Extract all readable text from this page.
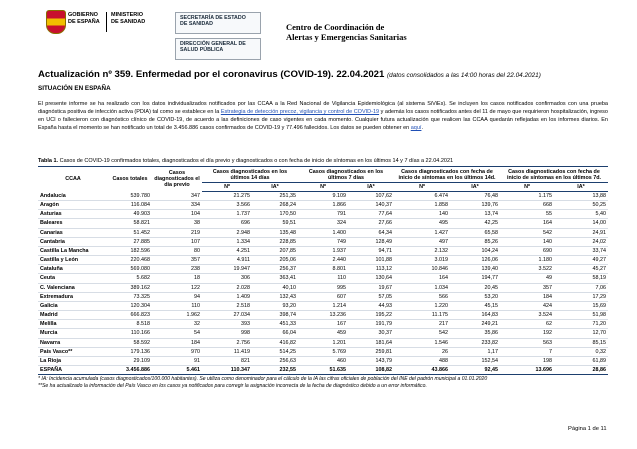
GOBIERNO
DE ESPAÑA
MINISTERIO
DE SANIDAD
SECRETARÍA DE ESTADO
DE SANIDAD
DIRECCIÓN GENERAL DE
SALUD PÚBLICA
Centro de Coordinación de
Alertas y Emergencias Sanitarias
Actualización nº 359. Enfermedad por el coronavirus (COVID-19). 22.04.2021 (datos consolidados a las 14:00 horas del 22.04.2021)
SITUACIÓN EN ESPAÑA
El presente informe se ha realizado con los datos individualizados notificados por las CCAA a la Red Nacional de Vigilancia Epidemiológica (al sistema SiViEs). Se incluyen los casos notificados confirmados con una prueba diagnóstica positiva de infección activa (PDIA) tal como se establece en la Estrategia de detección precoz, vigilancia y control de COVID-19 y además los casos notificados antes del 11 de mayo que requirieron hospitalización, ingreso en UCI o fallecieron con diagnóstico clínico de COVID-19, de acuerdo a las definiciones de caso vigentes en cada momento. Cualquier futura actualización que realicen las CCAA quedarán reflejadas en los informes diarios. En España hasta el momento se han notificado un total de 3.456.886 casos confirmados de COVID-19 y 77.496 fallecidos. Los datos se pueden obtener en aquí.
Tabla 1. Casos de COVID-19 confirmados totales, diagnosticados el día previo y diagnosticados o con fecha de inicio de síntomas en los últimos 14 y 7 días a 22.04.2021
CCAA	Casos totales	Casos diagnosticados el día previo	Casos diagnosticados en los últimos 14 días		Casos diagnosticados en los últimos 7 días		Casos diagnosticados con fecha de inicio de síntomas en los últimos 14d.		Casos diagnosticados con fecha de inicio de síntomas en los últimos 7d.	
			Nº	IA*	Nº	IA*	Nº	IA*	Nº	IA*
Andalucía	539.780	347	21.275	251,35	9.109	107,62	6.474	76,48	1.175	13,88
Aragón	116.084	334	3.566	268,24	1.866	140,37	1.858	139,76	668	50,25
Asturias	49.903	104	1.737	170,50	791	77,64	140	13,74	55	5,40
Baleares	58.821	38	696	59,51	324	27,66	495	42,25	164	14,00
Canarias	51.452	219	2.948	135,48	1.400	64,34	1.427	65,58	542	24,91
Cantabria	27.885	107	1.334	228,85	749	128,49	497	85,26	140	24,02
Castilla La Mancha	182.596	80	4.251	207,85	1.937	94,71	2.132	104,24	690	33,74
Castilla y León	220.468	357	4.911	205,06	2.440	101,88	3.019	126,06	1.180	49,27
Cataluña	569.080	238	19.947	256,37	8.801	113,12	10.846	139,40	3.522	45,27
Ceuta	5.682	18	306	363,41	110	130,64	164	194,77	49	58,19
C. Valenciana	389.162	122	2.028	40,10	995	19,67	1.034	20,45	357	7,06
Extremadura	73.325	94	1.409	132,43	607	57,05	566	53,20	184	17,29
Galicia	120.304	110	2.518	93,20	1.214	44,93	1.220	45,15	424	15,69
Madrid	666.823	1.962	27.034	398,74	13.236	195,22	11.175	164,83	3.524	51,98
Melilla	8.518	32	393	451,33	167	191,79	217	249,21	62	71,20
Murcia	110.166	54	998	66,04	459	30,37	542	35,86	192	12,70
Navarra	58.592	184	2.756	416,82	1.201	181,64	1.546	233,82	563	85,15
País Vasco**	179.136	970	11.419	514,25	5.769	259,81	26	1,17	7	0,32
La Rioja	29.109	91	821	256,63	460	143,79	488	152,54	198	61,89
ESPAÑA	3.456.886	5.461	110.347	232,55	51.635	108,82	43.866	92,45	13.696	28,86
* IA: Incidencia acumulada (casos diagnosticados/100.000 habitantes). Se utiliza como denominador para el cálculo de la IA las cifras oficiales de población del INE del padrón municipal a 01.01.2020
**Se ha actualizado la información del País Vasco en los casos ya notificados para corregir la asignación incorrecta de la fecha de diagnóstico debido a un error informático.
Página 1 de 11
